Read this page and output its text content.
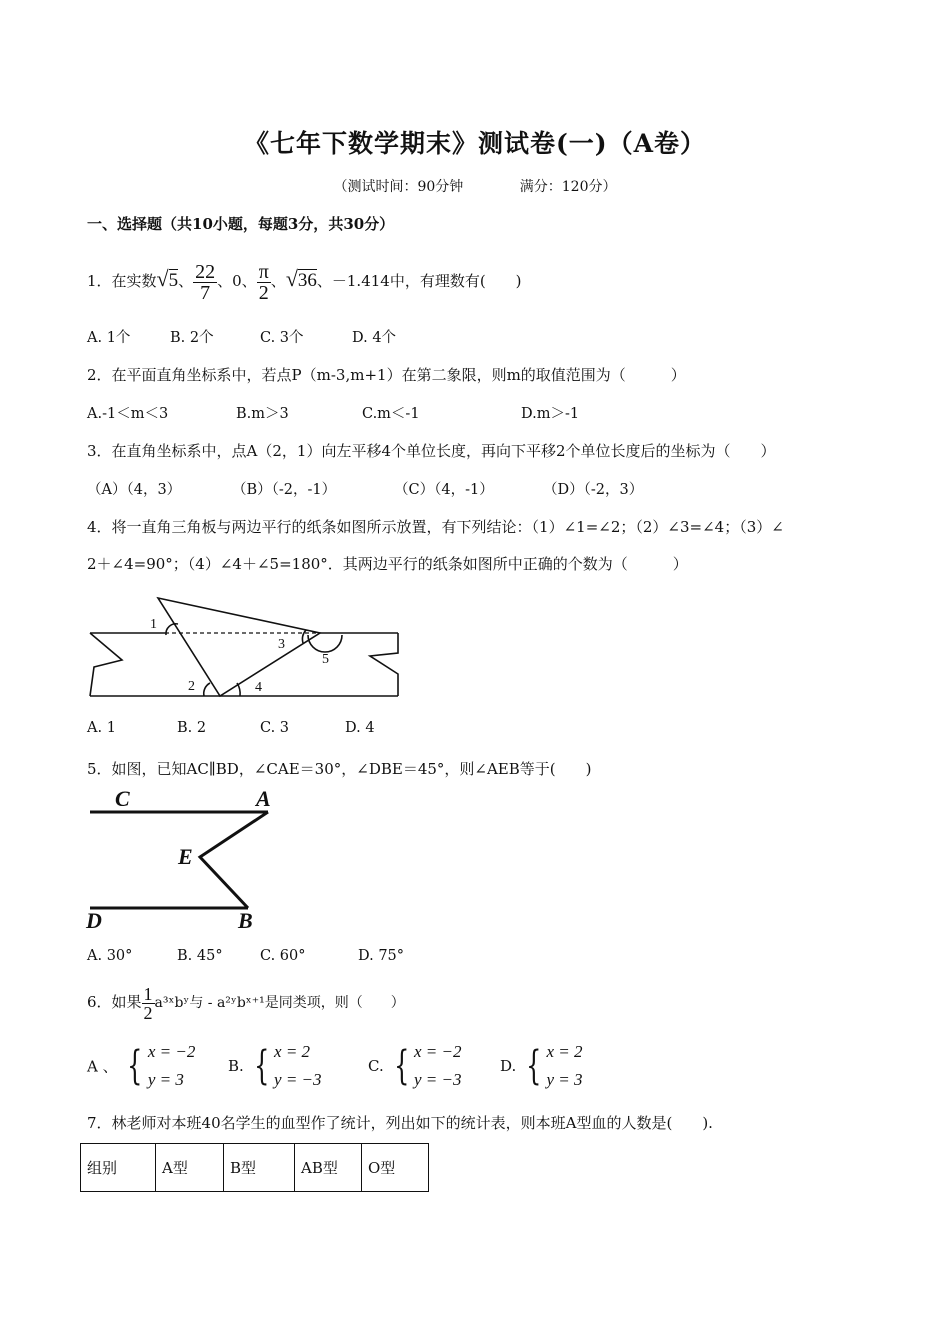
《七年下数学期末》测试卷(一)（A卷）
（测试时间：90分钟	满分：120分）
一、选择题（共10小题，每题3分，共30分）
1．在实数√5、 $\frac{22}{7}$ 、0、 $\frac{\pi}{2}$ 、√36、－1.414中，有理数有(　　)
A. 1个	B. 2个	C. 3个	D. 4个
2．在平面直角坐标系中，若点P（m-3,m+1）在第二象限，则m的取值范围为（　　　）
A.-1＜m＜3	B.m＞3	C.m＜-1	D.m＞-1
3．在直角坐标系中，点A（2，1）向左平移4个单位长度，再向下平移2个单位长度后的坐标为（　　）
（A）（4，3）	（B）（-2，-1）	（C）（4，-1）	（D）（-2，3）
4．将一直角三角板与两边平行的纸条如图所示放置，有下列结论：（1）∠1=∠2；（2）∠3=∠4；（3）∠
2＋∠4=90°；（4）∠4＋∠5=180°．其两边平行的纸条如图所中正确的个数为（　　　）
1
2
3
4
5
A. 1	B. 2	C. 3	D. 4
5．如图，已知AC∥BD，∠CAE＝30°，∠DBE＝45°，则∠AEB等于(　　)
C	A
E
D	B
A. 30°	B. 45°	C. 60°	D. 75°
6．如果 $\frac{1}{2}$ a³ˣbʸ与 - a²ʸbˣ⁺¹是同类项，则（　　）
A 、 { x = −2
y = 3
B. { x = 2
y = −3
C. { x = −2
y = −3
D. { x = 2
y = 3
7．林老师对本班40名学生的血型作了统计，列出如下的统计表，则本班A型血的人数是(　　).
组别	A型	B型	AB型	O型
